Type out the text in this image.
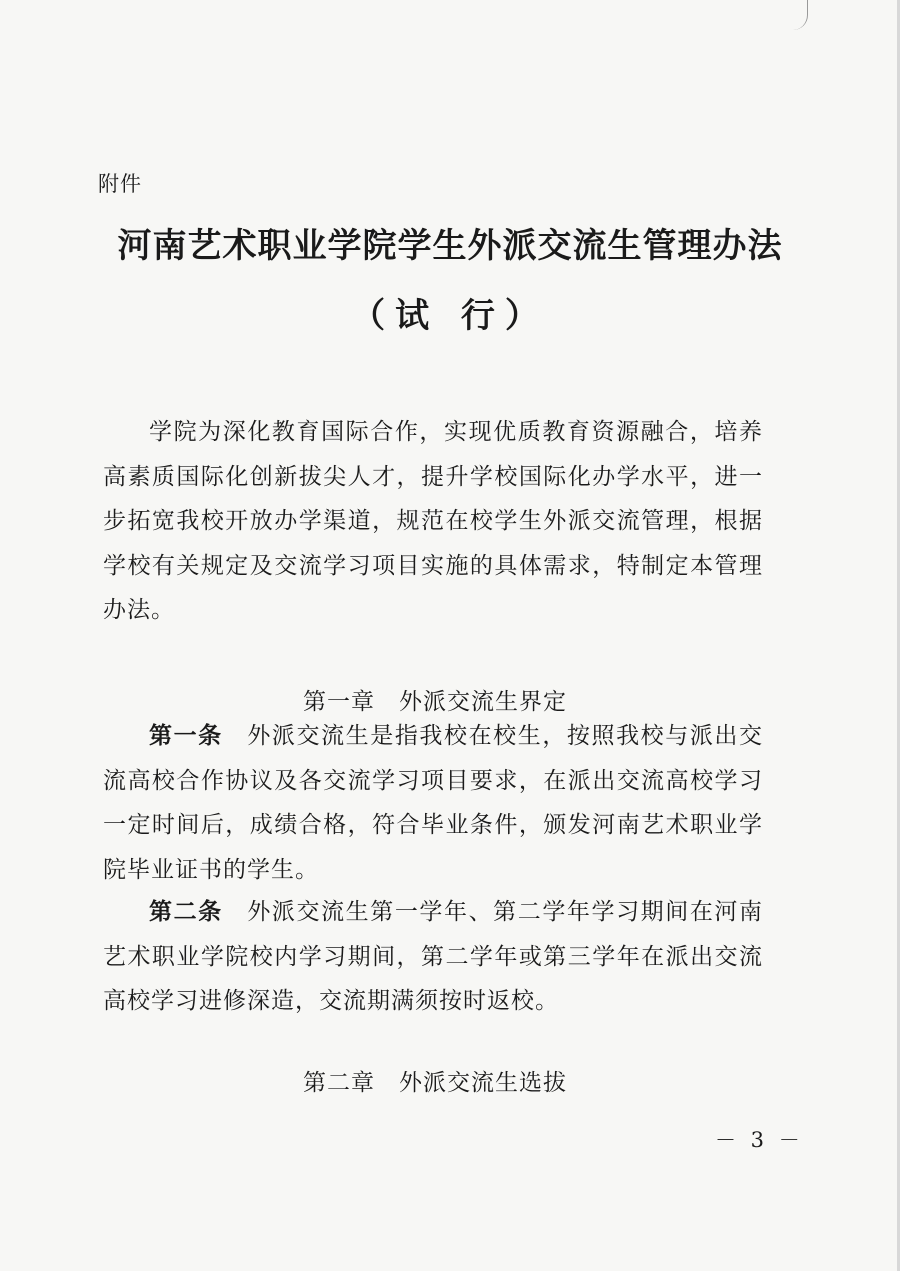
附件
河南艺术职业学院学生外派交流生管理办法
（试 行）
学院为深化教育国际合作，实现优质教育资源融合，培养高素质国际化创新拔尖人才，提升学校国际化办学水平，进一步拓宽我校开放办学渠道，规范在校学生外派交流管理，根据学校有关规定及交流学习项目实施的具体需求，特制定本管理办法。
第一章　外派交流生界定
第一条　 外派交流生是指我校在校生，按照我校与派出交流高校合作协议及各交流学习项目要求，在派出交流高校学习一定时间后，成绩合格，符合毕业条件，颁发河南艺术职业学院毕业证书的学生。
第二条　 外派交流生第一学年、第二学年学习期间在河南艺术职业学院校内学习期间，第二学年或第三学年在派出交流高校学习进修深造，交流期满须按时返校。
第二章　外派交流生选拔
－ 3 －
